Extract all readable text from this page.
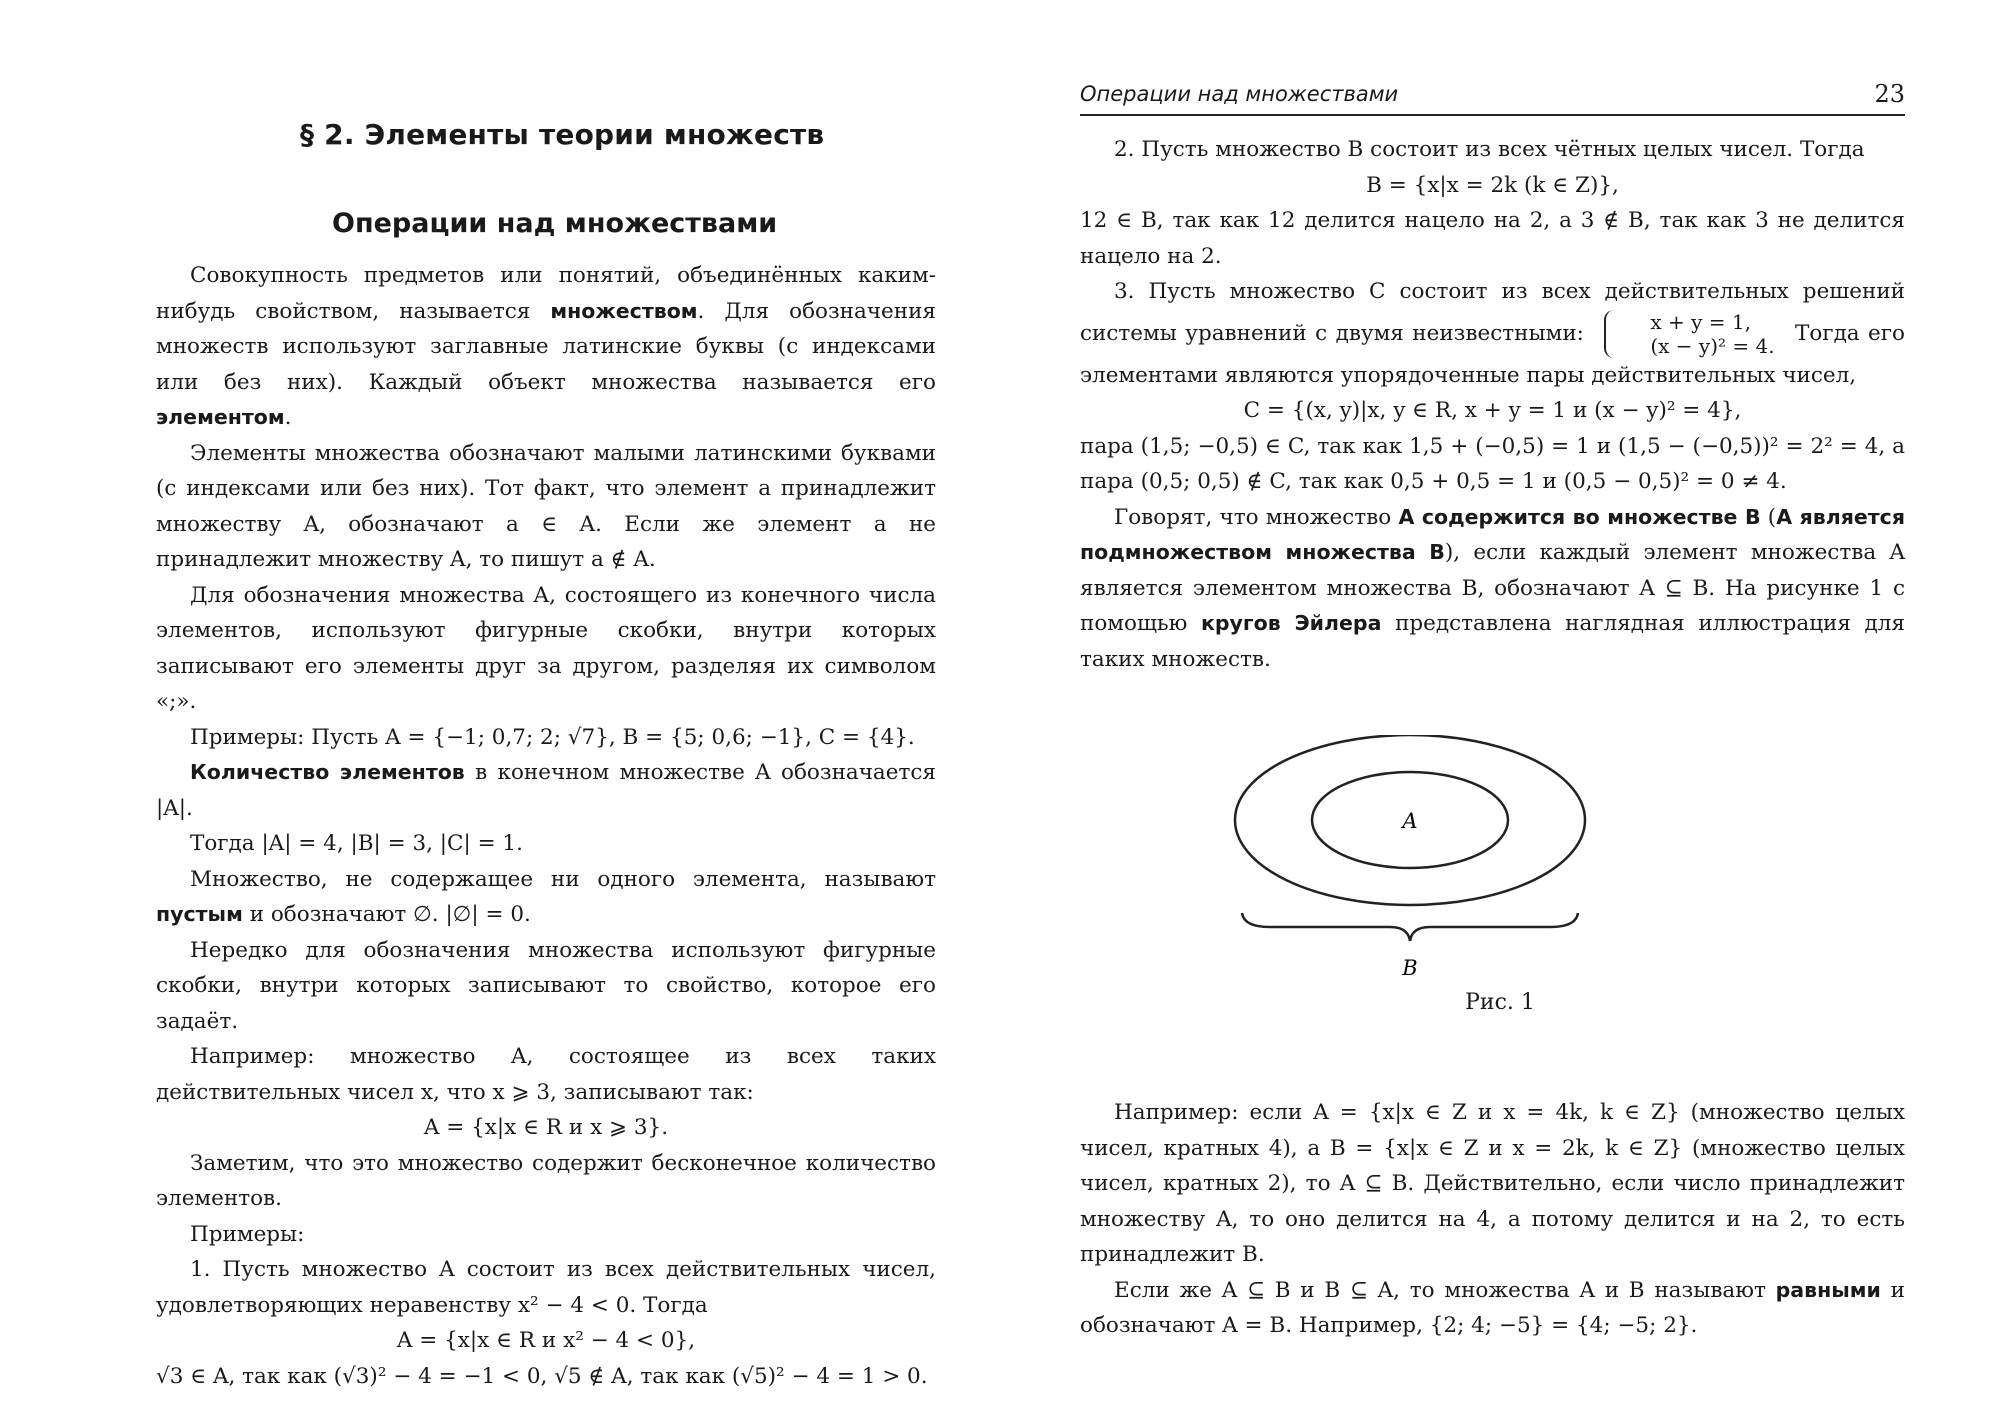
§ 2. Элементы теории множеств
Операции над множествами

Совокупность предметов или понятий, объединённых каким-нибудь свойством, называется множеством. Для обозначения множеств используют заглавные латинские буквы (с индексами или без них). Каждый объект множества называется его элементом.

Элементы множества обозначают малыми латинскими буквами (с индексами или без них). Тот факт, что элемент a принадлежит множеству A, обозначают a ∈ A. Если же элемент a не принадлежит множеству A, то пишут a ∉ A.

Для обозначения множества A, состоящего из конечного числа элементов, используют фигурные скобки, внутри которых записывают его элементы друг за другом, разделяя их символом «;».

Примеры: Пусть A = {−1; 0,7; 2; √7}, B = {5; 0,6; −1}, C = {4}.

Количество элементов в конечном множестве A обозначается |A|.

Тогда |A| = 4, |B| = 3, |C| = 1.

Множество, не содержащее ни одного элемента, называют пустым и обозначают ∅. |∅| = 0.

Нередко для обозначения множества используют фигурные скобки, внутри которых записывают то свойство, которое его задаёт.

Например: множество A, состоящее из всех таких действительных чисел x, что x ⩾ 3, записывают так:

A = {x|x ∈ R и x ⩾ 3}.

Заметим, что это множество содержит бесконечное количество элементов.

Примеры:

1. Пусть множество A состоит из всех действительных чисел, удовлетворяющих неравенству x² − 4 < 0. Тогда

A = {x|x ∈ R и x² − 4 < 0},

√3 ∈ A, так как (√3)² − 4 = −1 < 0, √5 ∉ A, так как (√5)² − 4 = 1 > 0.

Операции над множествами	23

2. Пусть множество B состоит из всех чётных целых чисел. Тогда

B = {x|x = 2k (k ∈ Z)},

12 ∈ B, так как 12 делится нацело на 2, а 3 ∉ B, так как 3 не делится нацело на 2.

3. Пусть множество C состоит из всех действительных решений системы уравнений с двумя неизвестными:	x + y = 1,
(x − y)² = 4. Тогда его элементами являются упорядоченные пары действительных чисел,

C = {(x, y)|x, y ∈ R, x + y = 1 и (x − y)² = 4},

пара (1,5; −0,5) ∈ C, так как 1,5 + (−0,5) = 1 и (1,5 − (−0,5))² = 2² = 4, а пара (0,5; 0,5) ∉ C, так как 0,5 + 0,5 = 1 и (0,5 − 0,5)² = 0 ≠ 4.

Говорят, что множество A содержится во множестве B (A является подмножеством множества B), если каждый элемент множества A является элементом множества B, обозначают A ⊆ B. На рисунке 1 с помощью кругов Эйлера представлена наглядная иллюстрация для таких множеств.

A
B
Рис. 1

Например: если A = {x|x ∈ Z и x = 4k, k ∈ Z} (множество целых чисел, кратных 4), а B = {x|x ∈ Z и x = 2k, k ∈ Z} (множество целых чисел, кратных 2), то A ⊆ B. Действительно, если число принадлежит множеству A, то оно делится на 4, а потому делится и на 2, то есть принадлежит B.

Если же A ⊆ B и B ⊆ A, то множества A и B называют равными и обозначают A = B. Например, {2; 4; −5} = {4; −5; 2}.
